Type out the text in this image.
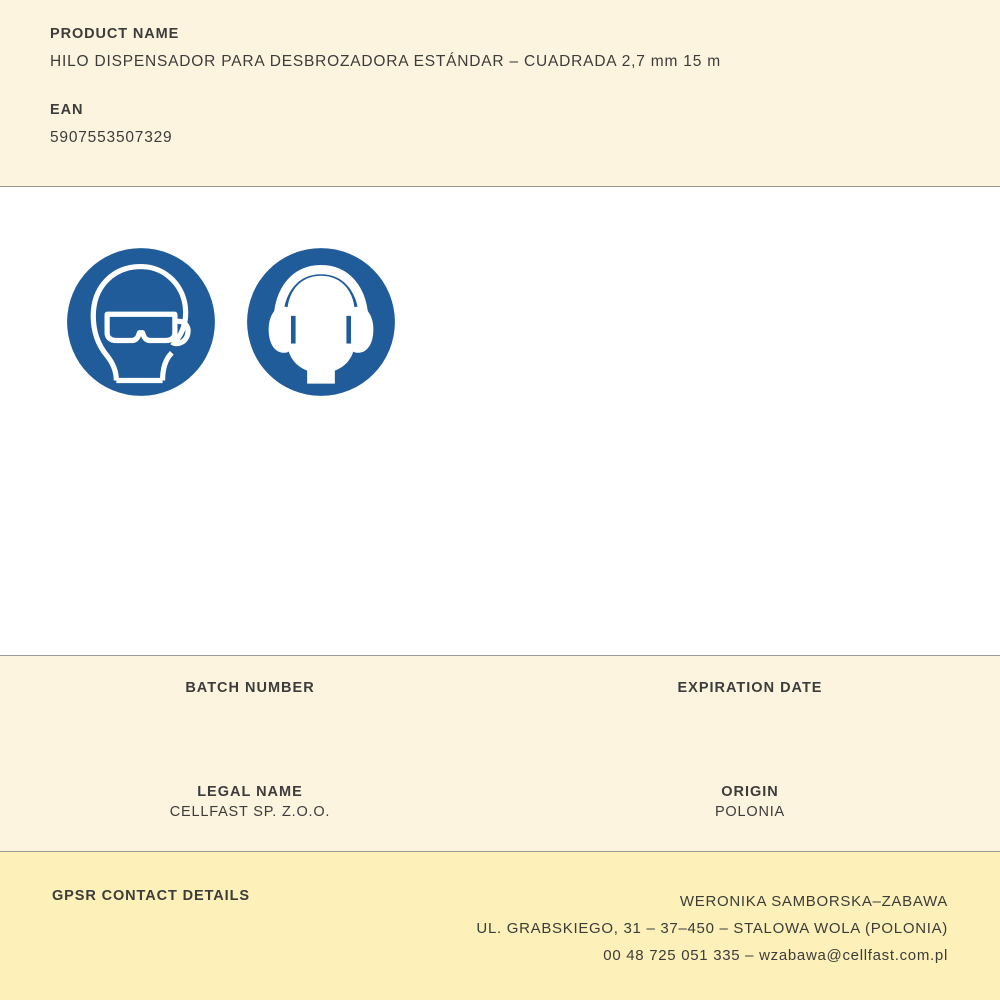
PRODUCT NAME

HILO DISPENSADOR PARA DESBROZADORA ESTÁNDAR – CUADRADA 2,7 mm 15 m

EAN

5907553507329

BATCH NUMBER	EXPIRATION DATE
LEGAL NAME
CELLFAST SP. Z.O.O.
ORIGIN
POLONIA
GPSR CONTACT DETAILS	WERONIKA SAMBORSKA–ZABAWA
UL. GRABSKIEGO, 31 – 37–450 – STALOWA WOLA (POLONIA)
00 48 725 051 335 – wzabawa@cellfast.com.pl
